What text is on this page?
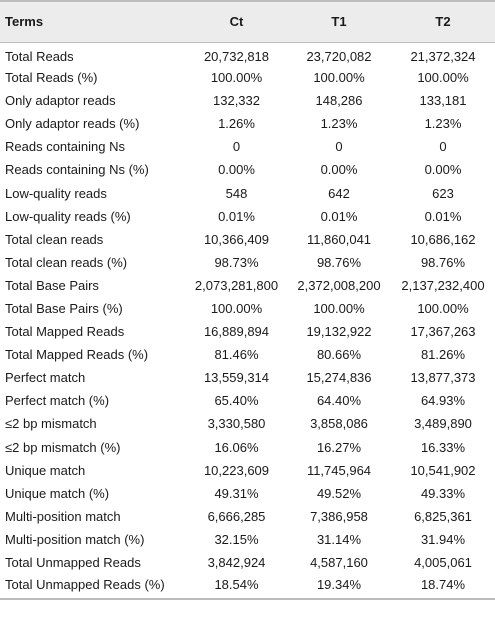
Terms	Ct	T1	T2
Total Reads	20,732,818	23,720,082	21,372,324
Total Reads (%)	100.00%	100.00%	100.00%
Only adaptor reads	132,332	148,286	133,181
Only adaptor reads (%)	1.26%	1.23%	1.23%
Reads containing Ns	0	0	0
Reads containing Ns (%)	0.00%	0.00%	0.00%
Low-quality reads	548	642	623
Low-quality reads (%)	0.01%	0.01%	0.01%
Total clean reads	10,366,409	11,860,041	10,686,162
Total clean reads (%)	98.73%	98.76%	98.76%
Total Base Pairs	2,073,281,800	2,372,008,200	2,137,232,400
Total Base Pairs (%)	100.00%	100.00%	100.00%
Total Mapped Reads	16,889,894	19,132,922	17,367,263
Total Mapped Reads (%)	81.46%	80.66%	81.26%
Perfect match	13,559,314	15,274,836	13,877,373
Perfect match (%)	65.40%	64.40%	64.93%
≤2 bp mismatch	3,330,580	3,858,086	3,489,890
≤2 bp mismatch (%)	16.06%	16.27%	16.33%
Unique match	10,223,609	11,745,964	10,541,902
Unique match (%)	49.31%	49.52%	49.33%
Multi-position match	6,666,285	7,386,958	6,825,361
Multi-position match (%)	32.15%	31.14%	31.94%
Total Unmapped Reads	3,842,924	4,587,160	4,005,061
Total Unmapped Reads (%)	18.54%	19.34%	18.74%
